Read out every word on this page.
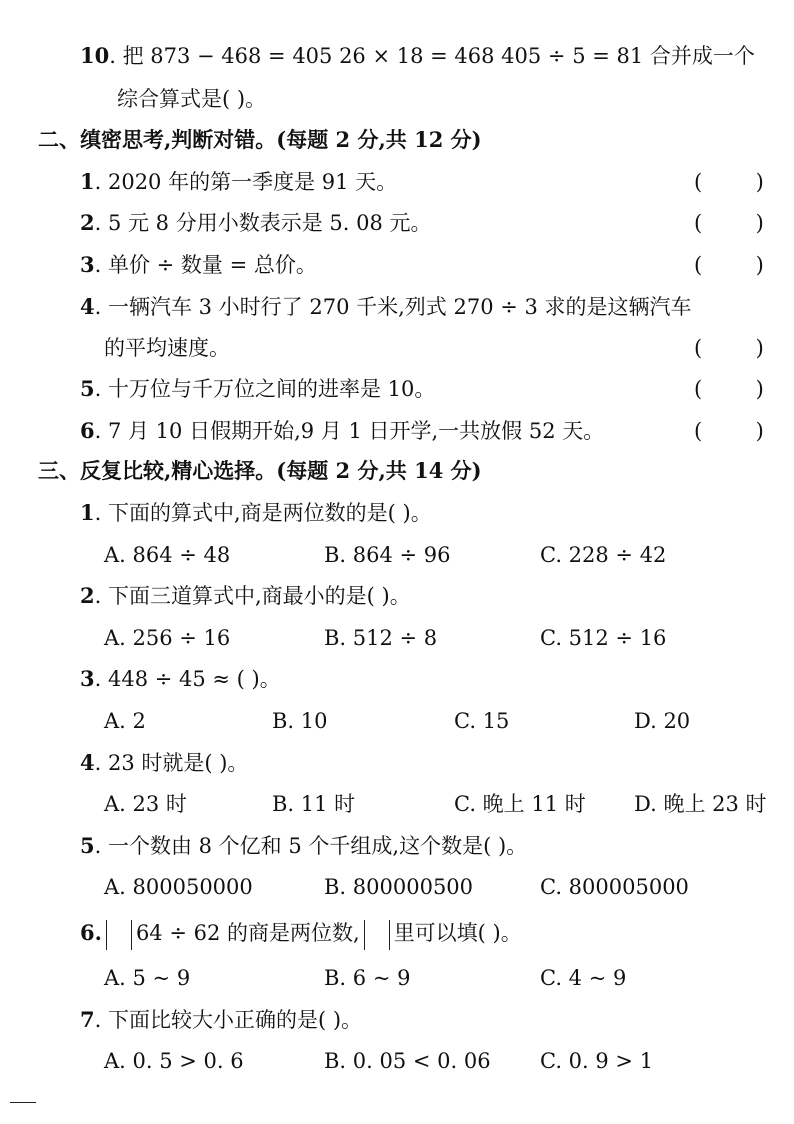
10. 把 873 − 468 = 405 26 × 18 = 468 405 ÷ 5 = 81 合并成一个
综合算式是( )。
二、缜密思考,判断对错。(每题 2 分,共 12 分)
1. 2020 年的第一季度是 91 天。	(        )
2. 5 元 8 分用小数表示是 5. 08 元。	(        )
3. 单价 ÷ 数量 = 总价。	(        )
4. 一辆汽车 3 小时行了 270 千米,列式 270 ÷ 3 求的是这辆汽车
的平均速度。	(        )
5. 十万位与千万位之间的进率是 10。	(        )
6. 7 月 10 日假期开始,9 月 1 日开学,一共放假 52 天。	(        )
三、反复比较,精心选择。(每题 2 分,共 14 分)
1. 下面的算式中,商是两位数的是( )。
A. 864 ÷ 48	B. 864 ÷ 96	C. 228 ÷ 42
2. 下面三道算式中,商最小的是( )。
A. 256 ÷ 16	B. 512 ÷ 8	C. 512 ÷ 16
3. 448 ÷ 45 ≈ ( )。
A. 2	B. 10	C. 15	D. 20
4. 23 时就是( )。
A. 23 时	B. 11 时	C. 晚上 11 时 D. 晚上 23 时
5. 一个数由 8 个亿和 5 个千组成,这个数是( )。
A. 800050000	B. 800000500	C. 800005000
6. 64 ÷ 62 的商是两位数, 里可以填( )。
A. 5 ~ 9	B. 6 ~ 9	C. 4 ~ 9
7. 下面比较大小正确的是( )。
A. 0. 5 > 0. 6	B. 0. 05 < 0. 06 C. 0. 9 > 1
